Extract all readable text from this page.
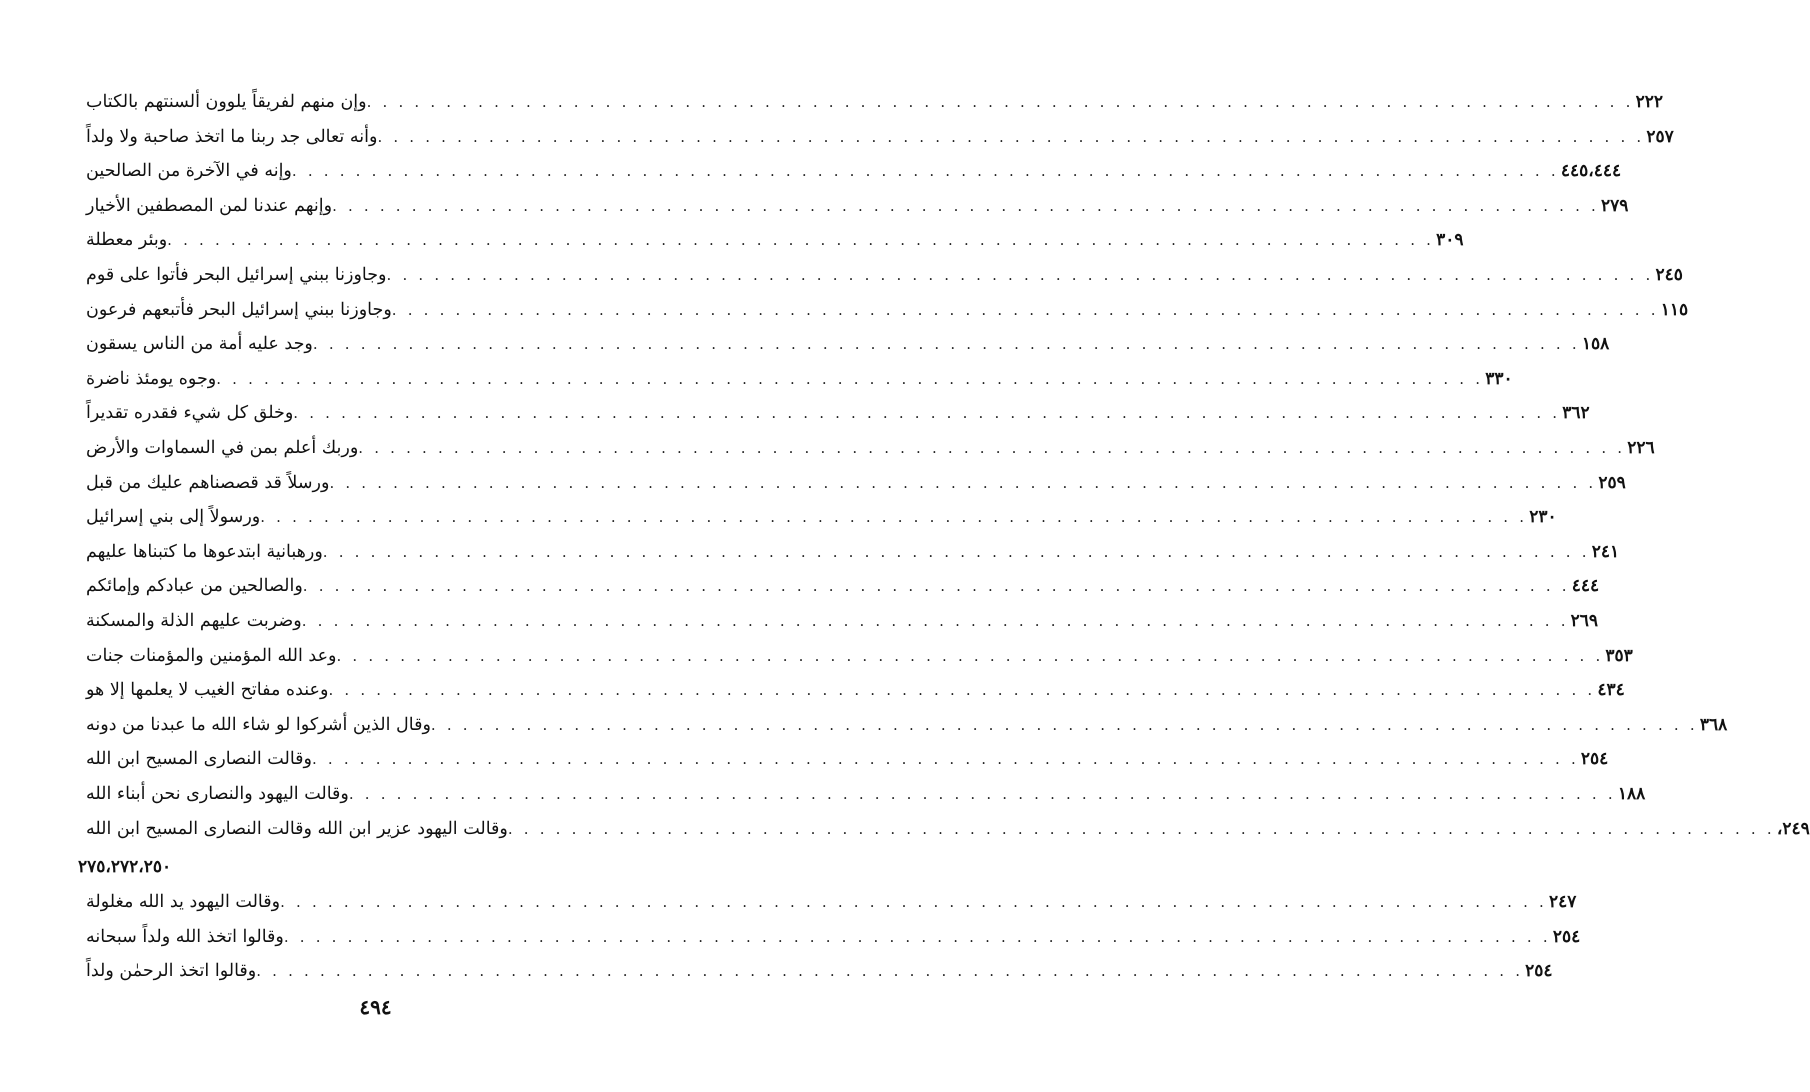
وإن منهم لفريقاً يلوون ألسنتهم بالكتاب . . . . . . . . . . . . . . . . . . . . . . . . . . . . . . . . . . . . . . . . . . . . . . . . . . . . . . . . . . . . . . . . . . . . . . . . . . . . . . . . ٢٢٢
وأنه تعالى جد ربنا ما اتخذ صاحبة ولا ولداً . . . . . . . . . . . . . . . . . . . . . . . . . . . . . . . . . . . . . . . . . . . . . . . . . . . . . . . . . . . . . . . . . . . . . . . . . . . . . . . . ٢٥٧
وإنه في الآخرة من الصالحين . . . . . . . . . . . . . . . . . . . . . . . . . . . . . . . . . . . . . . . . . . . . . . . . . . . . . . . . . . . . . . . . . . . . . . . . . . . . . . . . ٤٤٥،٤٤٤
وإنهم عندنا لمن المصطفين الأخيار . . . . . . . . . . . . . . . . . . . . . . . . . . . . . . . . . . . . . . . . . . . . . . . . . . . . . . . . . . . . . . . . . . . . . . . . . . . . . . . . ٢٧٩
وبئر معطلة . . . . . . . . . . . . . . . . . . . . . . . . . . . . . . . . . . . . . . . . . . . . . . . . . . . . . . . . . . . . . . . . . . . . . . . . . . . . . . . . ٣٠٩
وجاوزنا ببني إسرائيل البحر فأتوا على قوم . . . . . . . . . . . . . . . . . . . . . . . . . . . . . . . . . . . . . . . . . . . . . . . . . . . . . . . . . . . . . . . . . . . . . . . . . . . . . . . . ٢٤٥
وجاوزنا ببني إسرائيل البحر فأتبعهم فرعون . . . . . . . . . . . . . . . . . . . . . . . . . . . . . . . . . . . . . . . . . . . . . . . . . . . . . . . . . . . . . . . . . . . . . . . . . . . . . . . . ١١٥
وجد عليه أمة من الناس يسقون . . . . . . . . . . . . . . . . . . . . . . . . . . . . . . . . . . . . . . . . . . . . . . . . . . . . . . . . . . . . . . . . . . . . . . . . . . . . . . . . ١٥٨
وجوه يومئذ ناضرة . . . . . . . . . . . . . . . . . . . . . . . . . . . . . . . . . . . . . . . . . . . . . . . . . . . . . . . . . . . . . . . . . . . . . . . . . . . . . . . . ٣٣٠
وخلق كل شيء فقدره تقديراً . . . . . . . . . . . . . . . . . . . . . . . . . . . . . . . . . . . . . . . . . . . . . . . . . . . . . . . . . . . . . . . . . . . . . . . . . . . . . . . . ٣٦٢
وربك أعلم بمن في السماوات والأرض . . . . . . . . . . . . . . . . . . . . . . . . . . . . . . . . . . . . . . . . . . . . . . . . . . . . . . . . . . . . . . . . . . . . . . . . . . . . . . . . ٢٢٦
ورسلاً قد قصصناهم عليك من قبل . . . . . . . . . . . . . . . . . . . . . . . . . . . . . . . . . . . . . . . . . . . . . . . . . . . . . . . . . . . . . . . . . . . . . . . . . . . . . . . . ٢٥٩
ورسولاً إلى بني إسرائيل . . . . . . . . . . . . . . . . . . . . . . . . . . . . . . . . . . . . . . . . . . . . . . . . . . . . . . . . . . . . . . . . . . . . . . . . . . . . . . . . ٢٣٠
ورهبانية ابتدعوها ما كتبناها عليهم . . . . . . . . . . . . . . . . . . . . . . . . . . . . . . . . . . . . . . . . . . . . . . . . . . . . . . . . . . . . . . . . . . . . . . . . . . . . . . . . ٢٤١
والصالحين من عبادكم وإمائكم . . . . . . . . . . . . . . . . . . . . . . . . . . . . . . . . . . . . . . . . . . . . . . . . . . . . . . . . . . . . . . . . . . . . . . . . . . . . . . . . ٤٤٤
وضربت عليهم الذلة والمسكنة . . . . . . . . . . . . . . . . . . . . . . . . . . . . . . . . . . . . . . . . . . . . . . . . . . . . . . . . . . . . . . . . . . . . . . . . . . . . . . . . ٢٦٩
وعد الله المؤمنين والمؤمنات جنات . . . . . . . . . . . . . . . . . . . . . . . . . . . . . . . . . . . . . . . . . . . . . . . . . . . . . . . . . . . . . . . . . . . . . . . . . . . . . . . . ٣٥٣
وعنده مفاتح الغيب لا يعلمها إلا هو . . . . . . . . . . . . . . . . . . . . . . . . . . . . . . . . . . . . . . . . . . . . . . . . . . . . . . . . . . . . . . . . . . . . . . . . . . . . . . . . ٤٣٤
وقال الذين أشركوا لو شاء الله ما عبدنا من دونه . . . . . . . . . . . . . . . . . . . . . . . . . . . . . . . . . . . . . . . . . . . . . . . . . . . . . . . . . . . . . . . . . . . . . . . . . . . . . . . . ٣٦٨
وقالت النصارى المسيح ابن الله . . . . . . . . . . . . . . . . . . . . . . . . . . . . . . . . . . . . . . . . . . . . . . . . . . . . . . . . . . . . . . . . . . . . . . . . . . . . . . . . ٢٥٤
وقالت اليهود والنصارى نحن أبناء الله . . . . . . . . . . . . . . . . . . . . . . . . . . . . . . . . . . . . . . . . . . . . . . . . . . . . . . . . . . . . . . . . . . . . . . . . . . . . . . . . ١٨٨
وقالت اليهود عزير ابن الله وقالت النصارى المسيح ابن الله . . . . . . . . . . . . . . . . . . . . . . . . . . . . . . . . . . . . . . . . . . . . . . . . . . . . . . . . . . . . . . . . . . . . . . . . . . . . . . . . ٢٤٩،
٢٧٥،٢٧٢،٢٥٠
وقالت اليهود يد الله مغلولة . . . . . . . . . . . . . . . . . . . . . . . . . . . . . . . . . . . . . . . . . . . . . . . . . . . . . . . . . . . . . . . . . . . . . . . . . . . . . . . . ٢٤٧
وقالوا اتخذ الله ولداً سبحانه . . . . . . . . . . . . . . . . . . . . . . . . . . . . . . . . . . . . . . . . . . . . . . . . . . . . . . . . . . . . . . . . . . . . . . . . . . . . . . . . ٢٥٤
وقالوا اتخذ الرحمٰن ولداً . . . . . . . . . . . . . . . . . . . . . . . . . . . . . . . . . . . . . . . . . . . . . . . . . . . . . . . . . . . . . . . . . . . . . . . . . . . . . . . . ٢٥٤
٤٩٤
